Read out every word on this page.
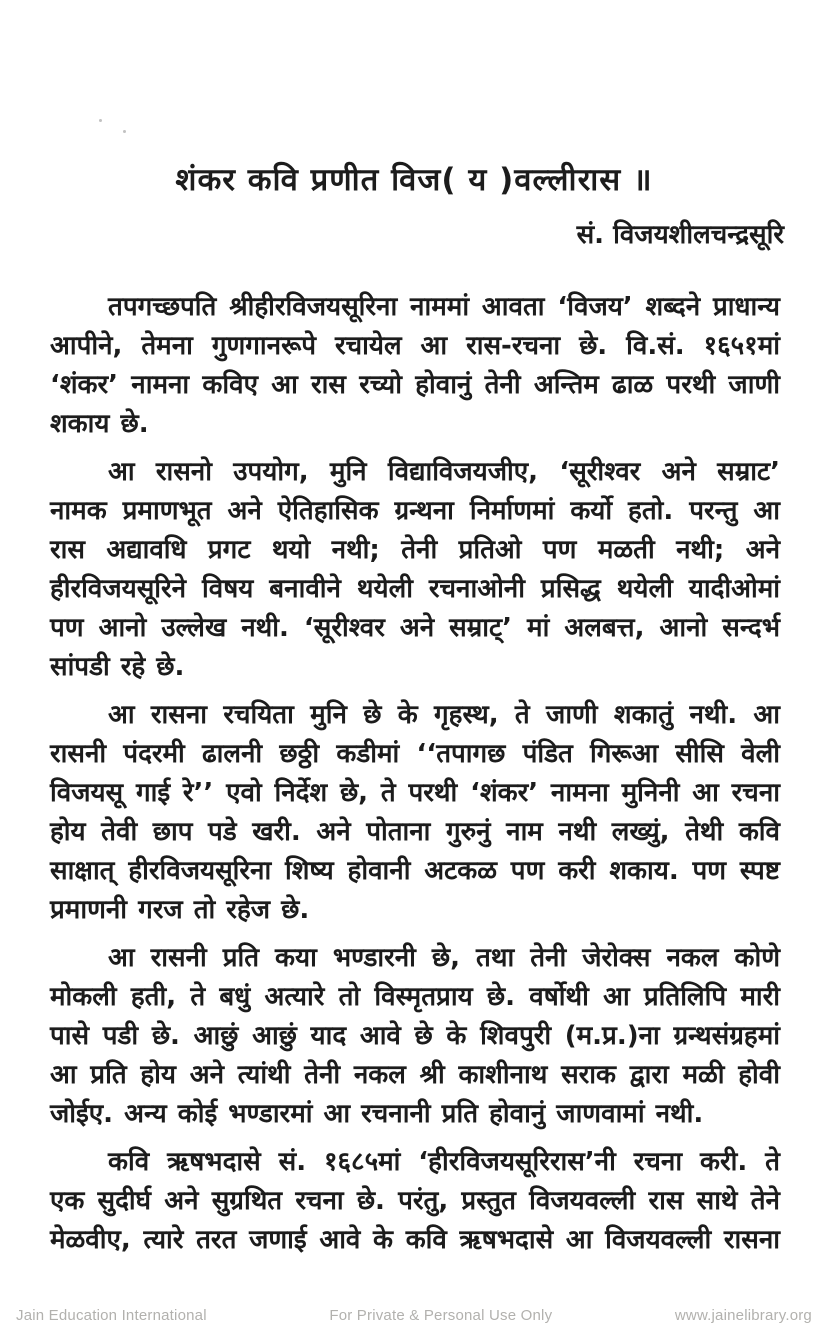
शंकर कवि प्रणीत विज( य )वल्लीरास ॥
सं. विजयशीलचन्द्रसूरि
तपगच्छपति श्रीहीरविजयसूरिना नाममां आवता ‘विजय’ शब्दने प्राधान्य
आपीने, तेमना गुणगानरूपे रचायेल आ रास-रचना छे. वि.सं. १६५१मां
‘शंकर’ नामना कविए आ रास रच्यो होवानुं तेनी अन्तिम ढाळ परथी जाणी
शकाय छे.
आ रासनो उपयोग, मुनि विद्याविजयजीए, ‘सूरीश्वर अने सम्राट’
नामक प्रमाणभूत अने ऐतिहासिक ग्रन्थना निर्माणमां कर्यो हतो. परन्तु आ
रास अद्यावधि प्रगट थयो नथी; तेनी प्रतिओ पण मळती नथी; अने
हीरविजयसूरिने विषय बनावीने थयेली रचनाओनी प्रसिद्ध थयेली यादीओमां
पण आनो उल्लेख नथी. ‘सूरीश्वर अने सम्राट्’ मां अलबत्त, आनो सन्दर्भ
सांपडी रहे छे.
आ रासना रचयिता मुनि छे के गृहस्थ, ते जाणी शकातुं नथी. आ
रासनी पंदरमी ढालनी छठ्ठी कडीमां ‘‘तपागछ पंडित गिरूआ सीसि वेली
विजयसू गाई रे’’ एवो निर्देश छे, ते परथी ‘शंकर’ नामना मुनिनी आ रचना
होय तेवी छाप पडे खरी. अने पोताना गुरुनुं नाम नथी लख्युं, तेथी कवि
साक्षात् हीरविजयसूरिना शिष्य होवानी अटकळ पण करी शकाय. पण स्पष्ट
प्रमाणनी गरज तो रहेज छे.
आ रासनी प्रति कया भण्डारनी छे, तथा तेनी जेरोक्स नकल कोणे
मोकली हती, ते बधुं अत्यारे तो विस्मृतप्राय छे. वर्षोथी आ प्रतिलिपि मारी
पासे पडी छे. आछुं आछुं याद आवे छे के शिवपुरी (म.प्र.)ना ग्रन्थसंग्रहमां
आ प्रति होय अने त्यांथी तेनी नकल श्री काशीनाथ सराक द्वारा मळी होवी
जोईए. अन्य कोई भण्डारमां आ रचनानी प्रति होवानुं जाणवामां नथी.
कवि ऋषभदासे सं. १६८५मां ‘हीरविजयसूरिरास’नी रचना करी. ते
एक सुदीर्घ अने सुग्रथित रचना छे. परंतु, प्रस्तुत विजयवल्ली रास साथे तेने
मेळवीए, त्यारे तरत जणाई आवे के कवि ऋषभदासे आ विजयवल्ली रासना
Jain Education International	For Private & Personal Use Only	www.jainelibrary.org
